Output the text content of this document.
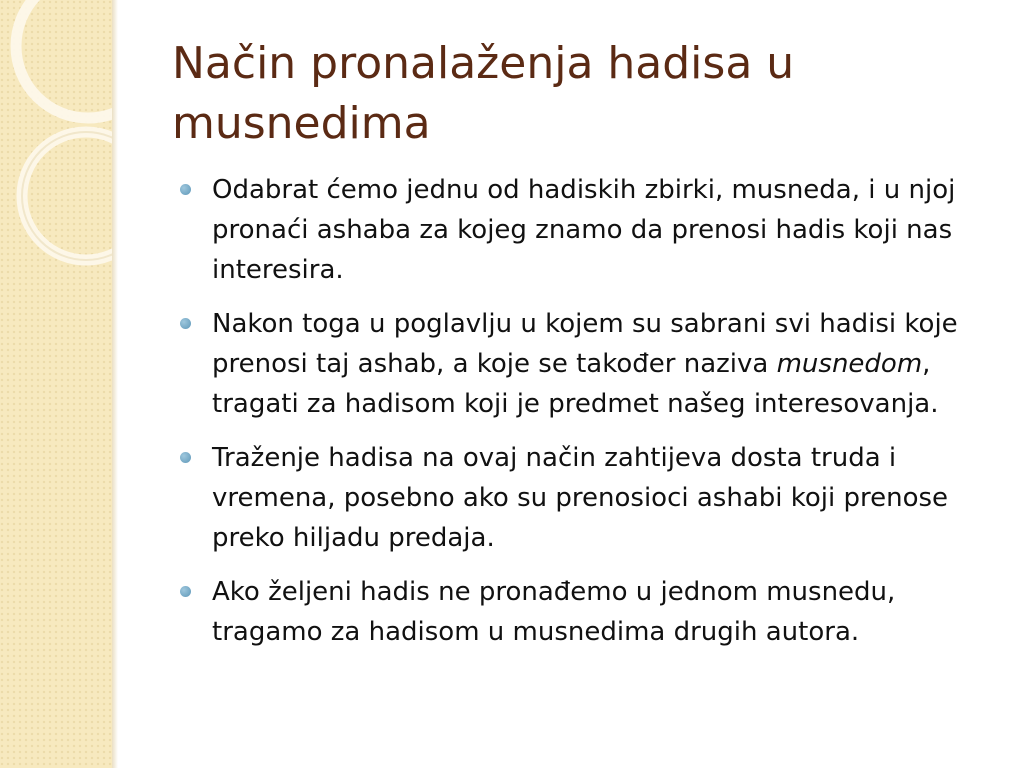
Način pronalaženja hadisa u musnedima
Odabrat ćemo jednu od hadiskih zbirki, musneda, i u njoj pronaći ashaba za kojeg znamo da prenosi hadis koji nas interesira.
Nakon toga u poglavlju u kojem su sabrani svi hadisi koje prenosi taj ashab, a koje se također naziva musnedom, tragati za hadisom koji je predmet našeg interesovanja.
Traženje hadisa na ovaj način zahtijeva dosta truda i vremena, posebno ako su prenosioci ashabi koji prenose preko hiljadu predaja.
Ako željeni hadis ne pronađemo u jednom musnedu, tragamo za hadisom u musnedima drugih autora.
